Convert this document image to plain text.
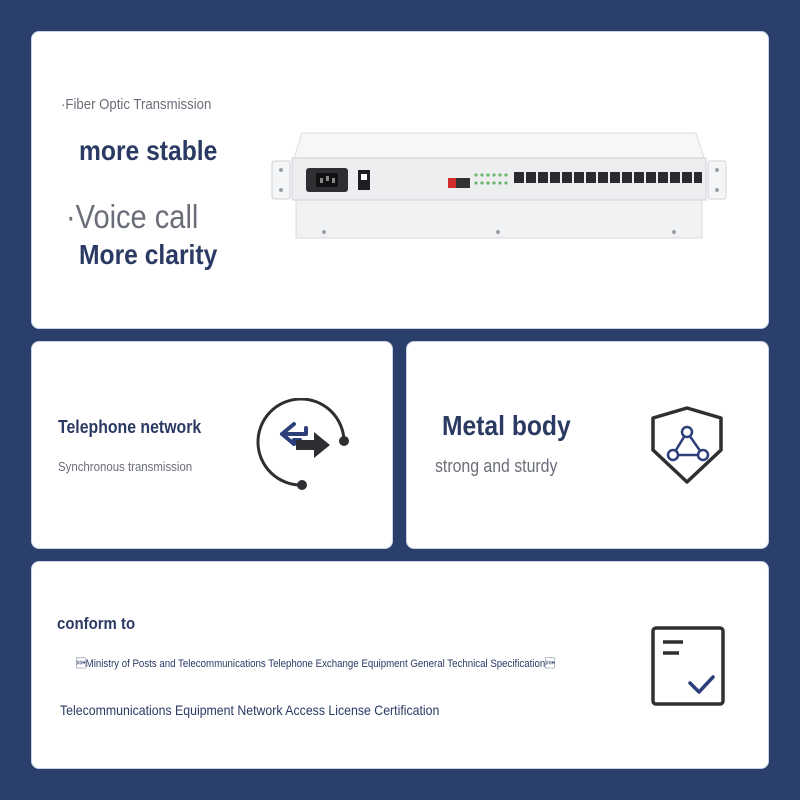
·Fiber Optic Transmission
more stable
·Voice call
More clarity
Telephone network
Synchronous transmission
Metal body
strong and sturdy
conform to
Ministry of Posts and Telecommunications Telephone Exchange Equipment General Technical Specification
Telecommunications Equipment Network Access License Certification
